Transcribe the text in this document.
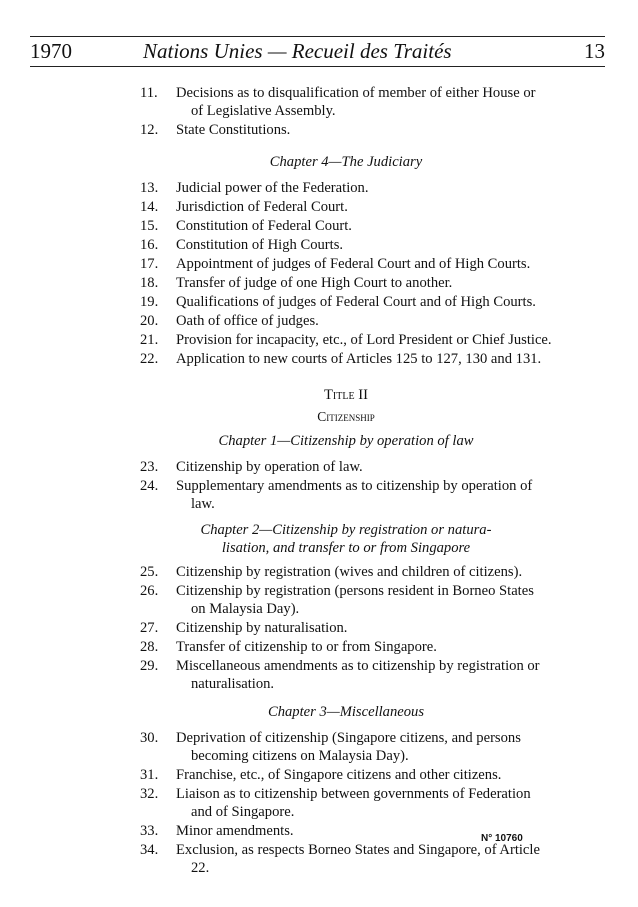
1970	Nations Unies — Recueil des Traités	13
11.	Decisions as to disqualification of member of either House or
of Legislative Assembly.
12.	State Constitutions.
Chapter 4—The Judiciary
13.	Judicial power of the Federation.
14.	Jurisdiction of Federal Court.
15.	Constitution of Federal Court.
16.	Constitution of High Courts.
17.	Appointment of judges of Federal Court and of High Courts.
18.	Transfer of judge of one High Court to another.
19.	Qualifications of judges of Federal Court and of High Courts.
20.	Oath of office of judges.
21.	Provision for incapacity, etc., of Lord President or Chief Justice.
22.	Application to new courts of Articles 125 to 127, 130 and 131.
Title II
Citizenship
Chapter 1—Citizenship by operation of law
23.	Citizenship by operation of law.
24.	Supplementary amendments as to citizenship by operation of
law.
Chapter 2—Citizenship by registration or natura-
lisation, and transfer to or from Singapore
25.	Citizenship by registration (wives and children of citizens).
26.	Citizenship by registration (persons resident in Borneo States
on Malaysia Day).
27.	Citizenship by naturalisation.
28.	Transfer of citizenship to or from Singapore.
29.	Miscellaneous amendments as to citizenship by registration or
naturalisation.
Chapter 3—Miscellaneous
30.	Deprivation of citizenship (Singapore citizens, and persons
becoming citizens on Malaysia Day).
31.	Franchise, etc., of Singapore citizens and other citizens.
32.	Liaison as to citizenship between governments of Federation
and of Singapore.
33.	Minor amendments.
34.	Exclusion, as respects Borneo States and Singapore, of Article
22.
N° 10760
